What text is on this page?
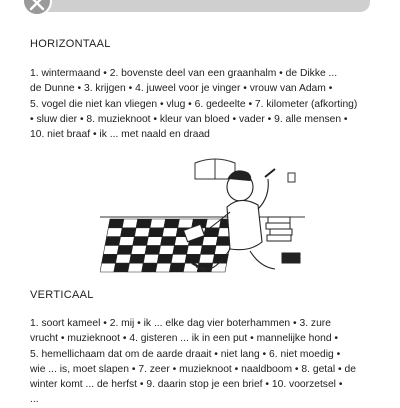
HORIZONTAAL
1. wintermaand • 2. bovenste deel van een graanhalm • de Dikke ...
de Dunne • 3. krijgen • 4. juweel voor je vinger • vrouw van Adam •
5. vogel die niet kan vliegen • vlug • 6. gedeelte • 7. kilometer (afkorting)
• sluw dier • 8. muzieknoot • kleur van bloed • vader • 9. alle mensen •
10. niet braaf • ik ... met naald en draad
VERTICAAL
1. soort kameel • 2. mij • ik ... elke dag vier boterhammen • 3. zure
vrucht • muzieknoot • 4. gisteren ... ik in een put • mannelijke hond •
5. hemellichaam dat om de aarde draait • niet lang • 6. niet moedig •
wie ... is, moet slapen • 7. zeer • muzieknoot • naaldboom • 8. getal • de
winter komt ... de herfst • 9. daarin stop je een brief • 10. voorzetsel •
...
